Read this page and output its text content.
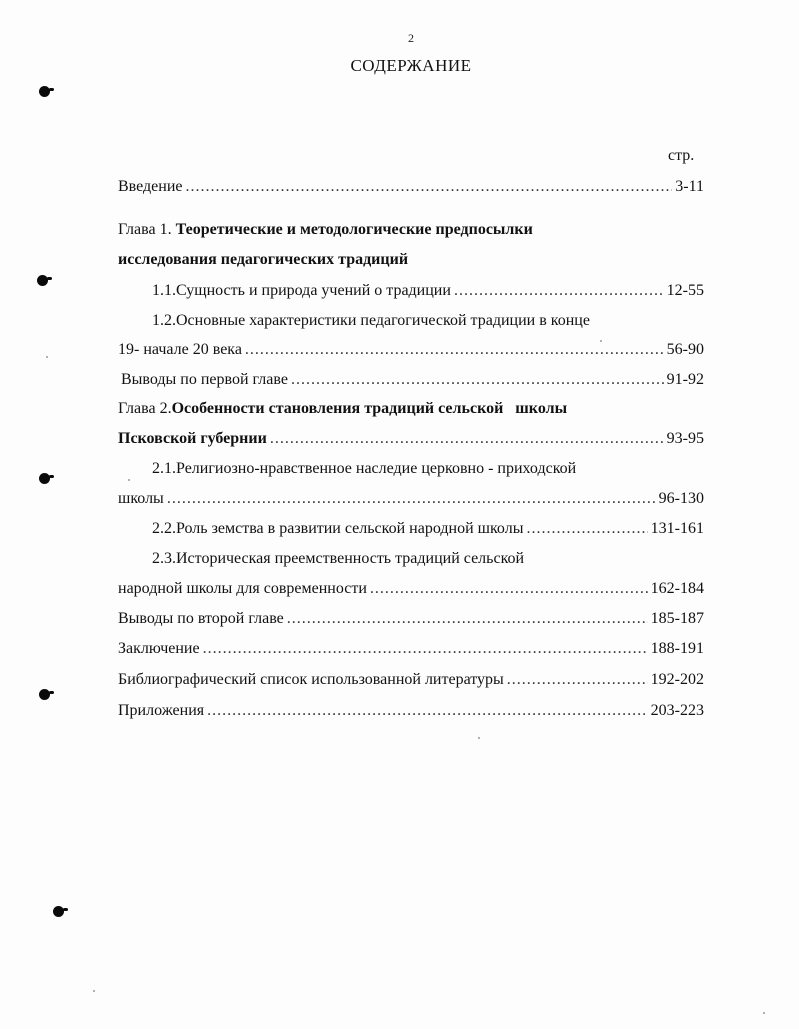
2
СОДЕРЖАНИЕ
стр.
Введение .....	3-11
Глава 1. Теоретические и методологические предпосылки
исследования педагогических традиций
1.1.Сущность и природа учений о традиции .....	12-55
1.2.Основные характеристики педагогической традиции в конце
19- начале 20 века .....	56-90
Выводы по первой главе .....	91-92
Глава 2.Особенности становления традиций сельской   школы
Псковской губернии .....	93-95
2.1.Религиозно-нравственное наследие церковно - приходской
школы .....	96-130
2.2.Роль земства в развитии сельской народной школы .....	131-161
2.3.Историческая преемственность традиций сельской
народной школы для современности .....	162-184
Выводы по второй главе .....	185-187
Заключение .....	188-191
Библиографический список использованной литературы .....	192-202
Приложения .....	203-223
